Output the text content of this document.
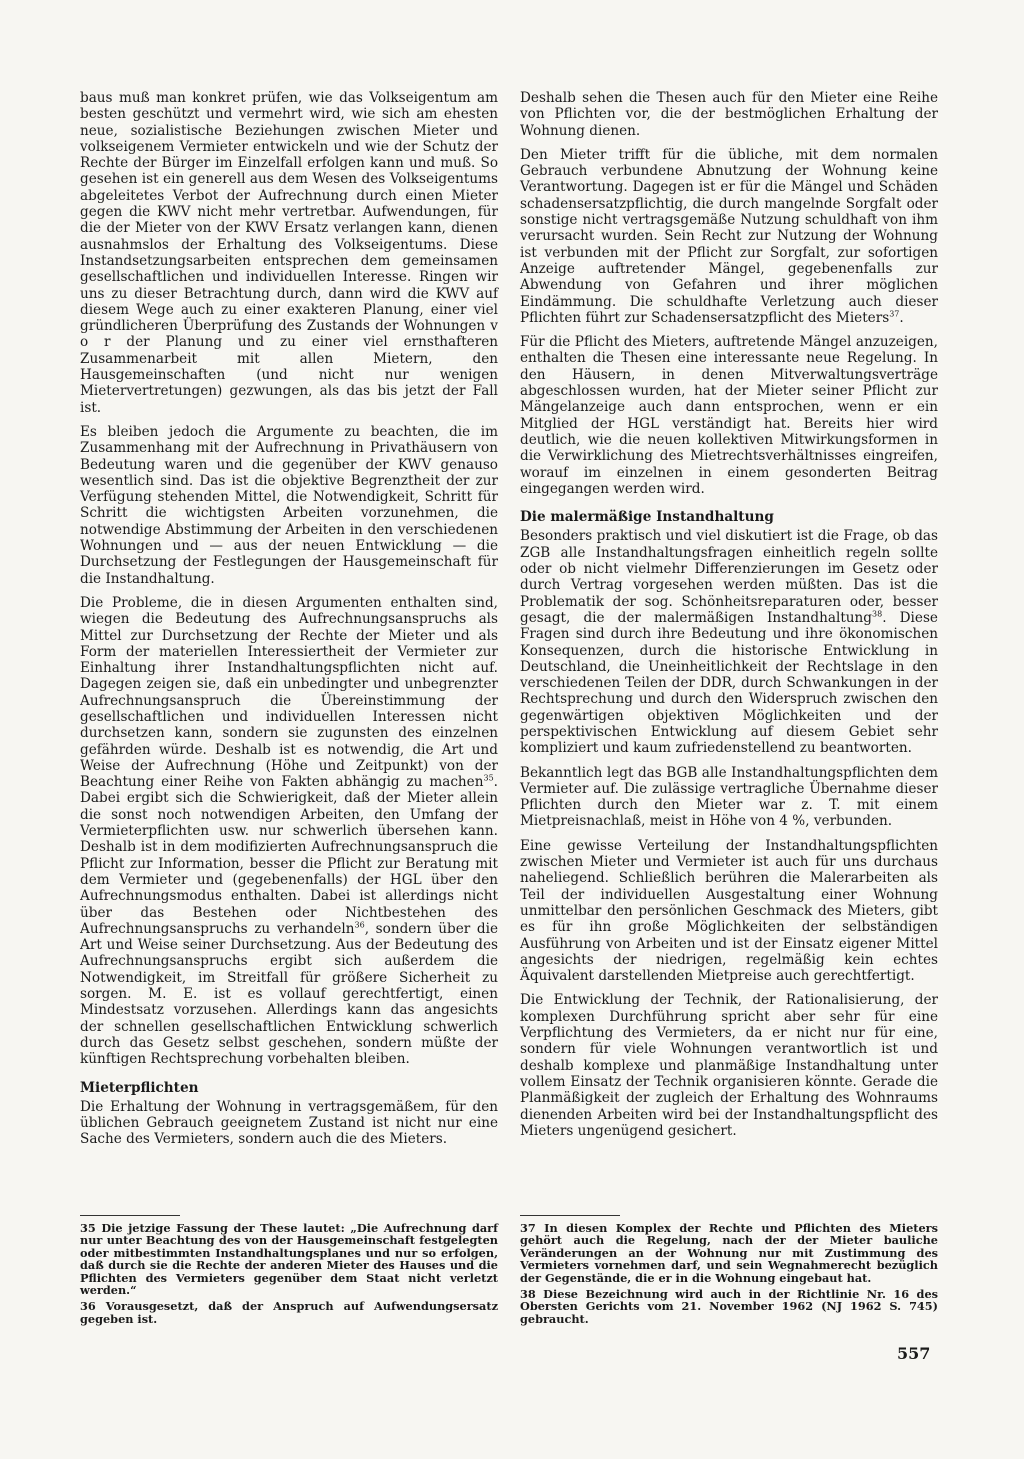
baus muß man konkret prüfen, wie das Volkseigentum am besten geschützt und vermehrt wird, wie sich am ehesten neue, sozialistische Beziehungen zwischen Mieter und volkseigenem Vermieter entwickeln und wie der Schutz der Rechte der Bürger im Einzelfall erfolgen kann und muß. So gesehen ist ein generell aus dem Wesen des Volkseigentums abgeleitetes Verbot der Aufrechnung durch einen Mieter gegen die KWV nicht mehr vertretbar. Aufwendungen, für die der Mieter von der KWV Ersatz verlangen kann, dienen ausnahmslos der Erhaltung des Volkseigentums. Diese Instandsetzungsarbeiten entsprechen dem gemeinsamen gesellschaftlichen und individuellen Interesse. Ringen wir uns zu dieser Betrachtung durch, dann wird die KWV auf diesem Wege auch zu einer exakteren Planung, einer viel gründlicheren Überprüfung des Zustands der Wohnungen v o r der Planung und zu einer viel ernsthafteren Zusammenarbeit mit allen Mietern, den Hausgemeinschaften (und nicht nur wenigen Mietervertretungen) gezwungen, als das bis jetzt der Fall ist.

Es bleiben jedoch die Argumente zu beachten, die im Zusammenhang mit der Aufrechnung in Privathäusern von Bedeutung waren und die gegenüber der KWV genauso wesentlich sind. Das ist die objektive Begrenztheit der zur Verfügung stehenden Mittel, die Notwendigkeit, Schritt für Schritt die wichtigsten Arbeiten vorzunehmen, die notwendige Abstimmung der Arbeiten in den verschiedenen Wohnungen und — aus der neuen Entwicklung — die Durchsetzung der Festlegungen der Hausgemeinschaft für die Instandhaltung.

Die Probleme, die in diesen Argumenten enthalten sind, wiegen die Bedeutung des Aufrechnungsanspruchs als Mittel zur Durchsetzung der Rechte der Mieter und als Form der materiellen Interessiertheit der Vermieter zur Einhaltung ihrer Instandhaltungspflichten nicht auf. Dagegen zeigen sie, daß ein unbedingter und unbegrenzter Aufrechnungsanspruch die Übereinstimmung der gesellschaftlichen und individuellen Interessen nicht durchsetzen kann, sondern sie zugunsten des einzelnen gefährden würde. Deshalb ist es notwendig, die Art und Weise der Aufrechnung (Höhe und Zeitpunkt) von der Beachtung einer Reihe von Fakten abhängig zu machen$^{35}$. Dabei ergibt sich die Schwierigkeit, daß der Mieter allein die sonst noch notwendigen Arbeiten, den Umfang der Vermieterpflichten usw. nur schwerlich übersehen kann. Deshalb ist in dem modifizierten Aufrechnungsanspruch die Pflicht zur Information, besser die Pflicht zur Beratung mit dem Vermieter und (gegebenenfalls) der HGL über den Aufrechnungsmodus enthalten. Dabei ist allerdings nicht über das Bestehen oder Nichtbestehen des Aufrechnungsanspruchs zu verhandeln$^{36}$, sondern über die Art und Weise seiner Durchsetzung. Aus der Bedeutung des Aufrechnungsanspruchs ergibt sich außerdem die Notwendigkeit, im Streitfall für größere Sicherheit zu sorgen. M. E. ist es vollauf gerechtfertigt, einen Mindestsatz vorzusehen. Allerdings kann das angesichts der schnellen gesellschaftlichen Entwicklung schwerlich durch das Gesetz selbst geschehen, sondern müßte der künftigen Rechtsprechung vorbehalten bleiben.

Mieterpflichten

Die Erhaltung der Wohnung in vertragsgemäßem, für den üblichen Gebrauch geeignetem Zustand ist nicht nur eine Sache des Vermieters, sondern auch die des Mieters.

Deshalb sehen die Thesen auch für den Mieter eine Reihe von Pflichten vor, die der bestmöglichen Erhaltung der Wohnung dienen.

Den Mieter trifft für die übliche, mit dem normalen Gebrauch verbundene Abnutzung der Wohnung keine Verantwortung. Dagegen ist er für die Mängel und Schäden schadensersatzpflichtig, die durch mangelnde Sorgfalt oder sonstige nicht vertragsgemäße Nutzung schuldhaft von ihm verursacht wurden. Sein Recht zur Nutzung der Wohnung ist verbunden mit der Pflicht zur Sorgfalt, zur sofortigen Anzeige auftretender Mängel, gegebenenfalls zur Abwendung von Gefahren und ihrer möglichen Eindämmung. Die schuldhafte Verletzung auch dieser Pflichten führt zur Schadensersatzpflicht des Mieters$^{37}$.

Für die Pflicht des Mieters, auftretende Mängel anzuzeigen, enthalten die Thesen eine interessante neue Regelung. In den Häusern, in denen Mitverwaltungsverträge abgeschlossen wurden, hat der Mieter seiner Pflicht zur Mängelanzeige auch dann entsprochen, wenn er ein Mitglied der HGL verständigt hat. Bereits hier wird deutlich, wie die neuen kollektiven Mitwirkungsformen in die Verwirklichung des Mietrechtsverhältnisses eingreifen, worauf im einzelnen in einem gesonderten Beitrag eingegangen werden wird.

Die malermäßige Instandhaltung

Besonders praktisch und viel diskutiert ist die Frage, ob das ZGB alle Instandhaltungsfragen einheitlich regeln sollte oder ob nicht vielmehr Differenzierungen im Gesetz oder durch Vertrag vorgesehen werden müßten. Das ist die Problematik der sog. Schönheitsreparaturen oder, besser gesagt, die der malermäßigen Instandhaltung$^{38}$. Diese Fragen sind durch ihre Bedeutung und ihre ökonomischen Konsequenzen, durch die historische Entwicklung in Deutschland, die Uneinheitlichkeit der Rechtslage in den verschiedenen Teilen der DDR, durch Schwankungen in der Rechtsprechung und durch den Widerspruch zwischen den gegenwärtigen objektiven Möglichkeiten und der perspektivischen Entwicklung auf diesem Gebiet sehr kompliziert und kaum zufriedenstellend zu beantworten.

Bekanntlich legt das BGB alle Instandhaltungspflichten dem Vermieter auf. Die zulässige vertragliche Übernahme dieser Pflichten durch den Mieter war z. T. mit einem Mietpreisnachlaß, meist in Höhe von 4 %, verbunden.

Eine gewisse Verteilung der Instandhaltungspflichten zwischen Mieter und Vermieter ist auch für uns durchaus naheliegend. Schließlich berühren die Malerarbeiten als Teil der individuellen Ausgestaltung einer Wohnung unmittelbar den persönlichen Geschmack des Mieters, gibt es für ihn große Möglichkeiten der selbständigen Ausführung von Arbeiten und ist der Einsatz eigener Mittel angesichts der niedrigen, regelmäßig kein echtes Äquivalent darstellenden Mietpreise auch gerechtfertigt.

Die Entwicklung der Technik, der Rationalisierung, der komplexen Durchführung spricht aber sehr für eine Verpflichtung des Vermieters, da er nicht nur für eine, sondern für viele Wohnungen verantwortlich ist und deshalb komplexe und planmäßige Instandhaltung unter vollem Einsatz der Technik organisieren könnte. Gerade die Planmäßigkeit der zugleich der Erhaltung des Wohnraums dienenden Arbeiten wird bei der Instandhaltungspflicht des Mieters ungenügend gesichert.

35 Die jetzige Fassung der These lautet: „Die Aufrechnung darf nur unter Beachtung des von der Hausgemeinschaft festgelegten oder mitbestimmten Instandhaltungsplanes und nur so erfolgen, daß durch sie die Rechte der anderen Mieter des Hauses und die Pflichten des Vermieters gegenüber dem Staat nicht verletzt werden.“

36 Vorausgesetzt, daß der Anspruch auf Aufwendungsersatz gegeben ist.

37 In diesen Komplex der Rechte und Pflichten des Mieters gehört auch die Regelung, nach der der Mieter bauliche Veränderungen an der Wohnung nur mit Zustimmung des Vermieters vornehmen darf, und sein Wegnahmerecht bezüglich der Gegenstände, die er in die Wohnung eingebaut hat.

38 Diese Bezeichnung wird auch in der Richtlinie Nr. 16 des Obersten Gerichts vom 21. November 1962 (NJ 1962 S. 745) gebraucht.

557
